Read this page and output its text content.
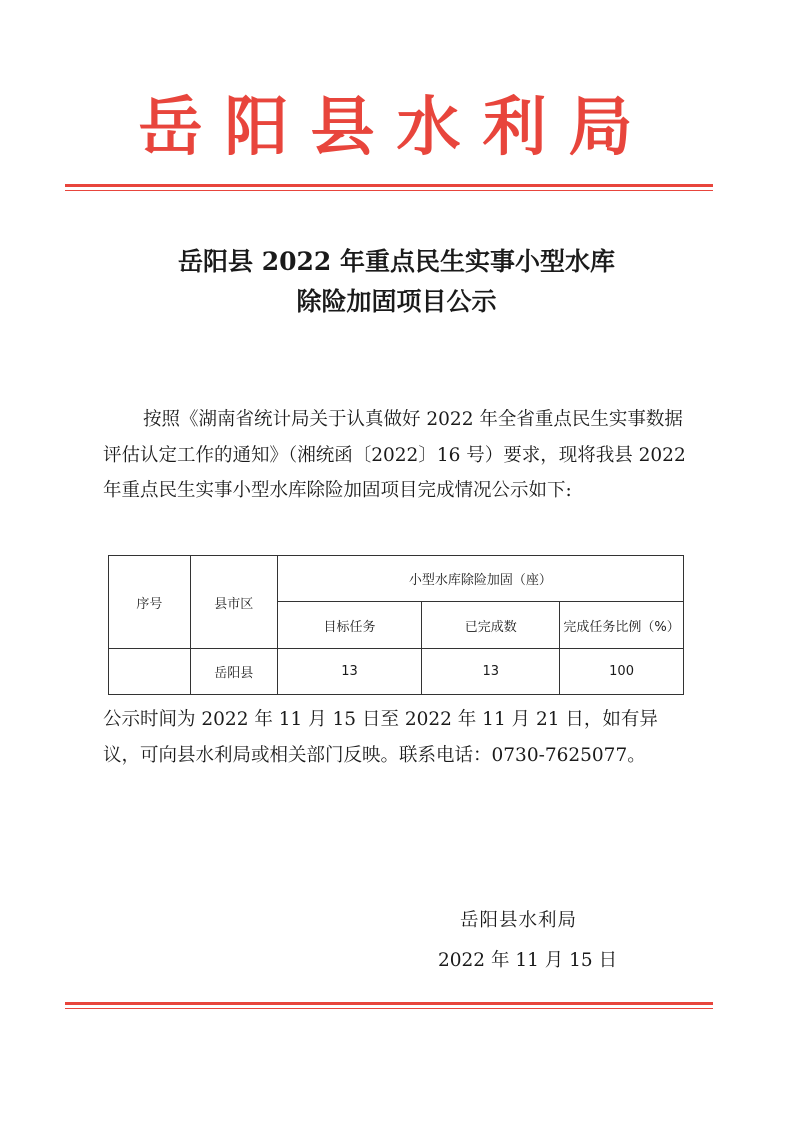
岳阳县水利局
岳阳县 2022 年重点民生实事小型水库
除险加固项目公示
按照《湖南省统计局关于认真做好 2022 年全省重点民生实事数据评估认定工作的通知》（湘统函〔2022〕16 号）要求，现将我县 2022 年重点民生实事小型水库除险加固项目完成情况公示如下:
序号	县市区	小型水库除险加固（座）		
		目标任务	已完成数	完成任务比例（%）
	岳阳县	13	13	100
公示时间为 2022 年 11 月 15 日至 2022 年 11 月 21 日，如有异议，可向县水利局或相关部门反映。联系电话：0730-7625077。
岳阳县水利局
2022 年 11 月 15 日
